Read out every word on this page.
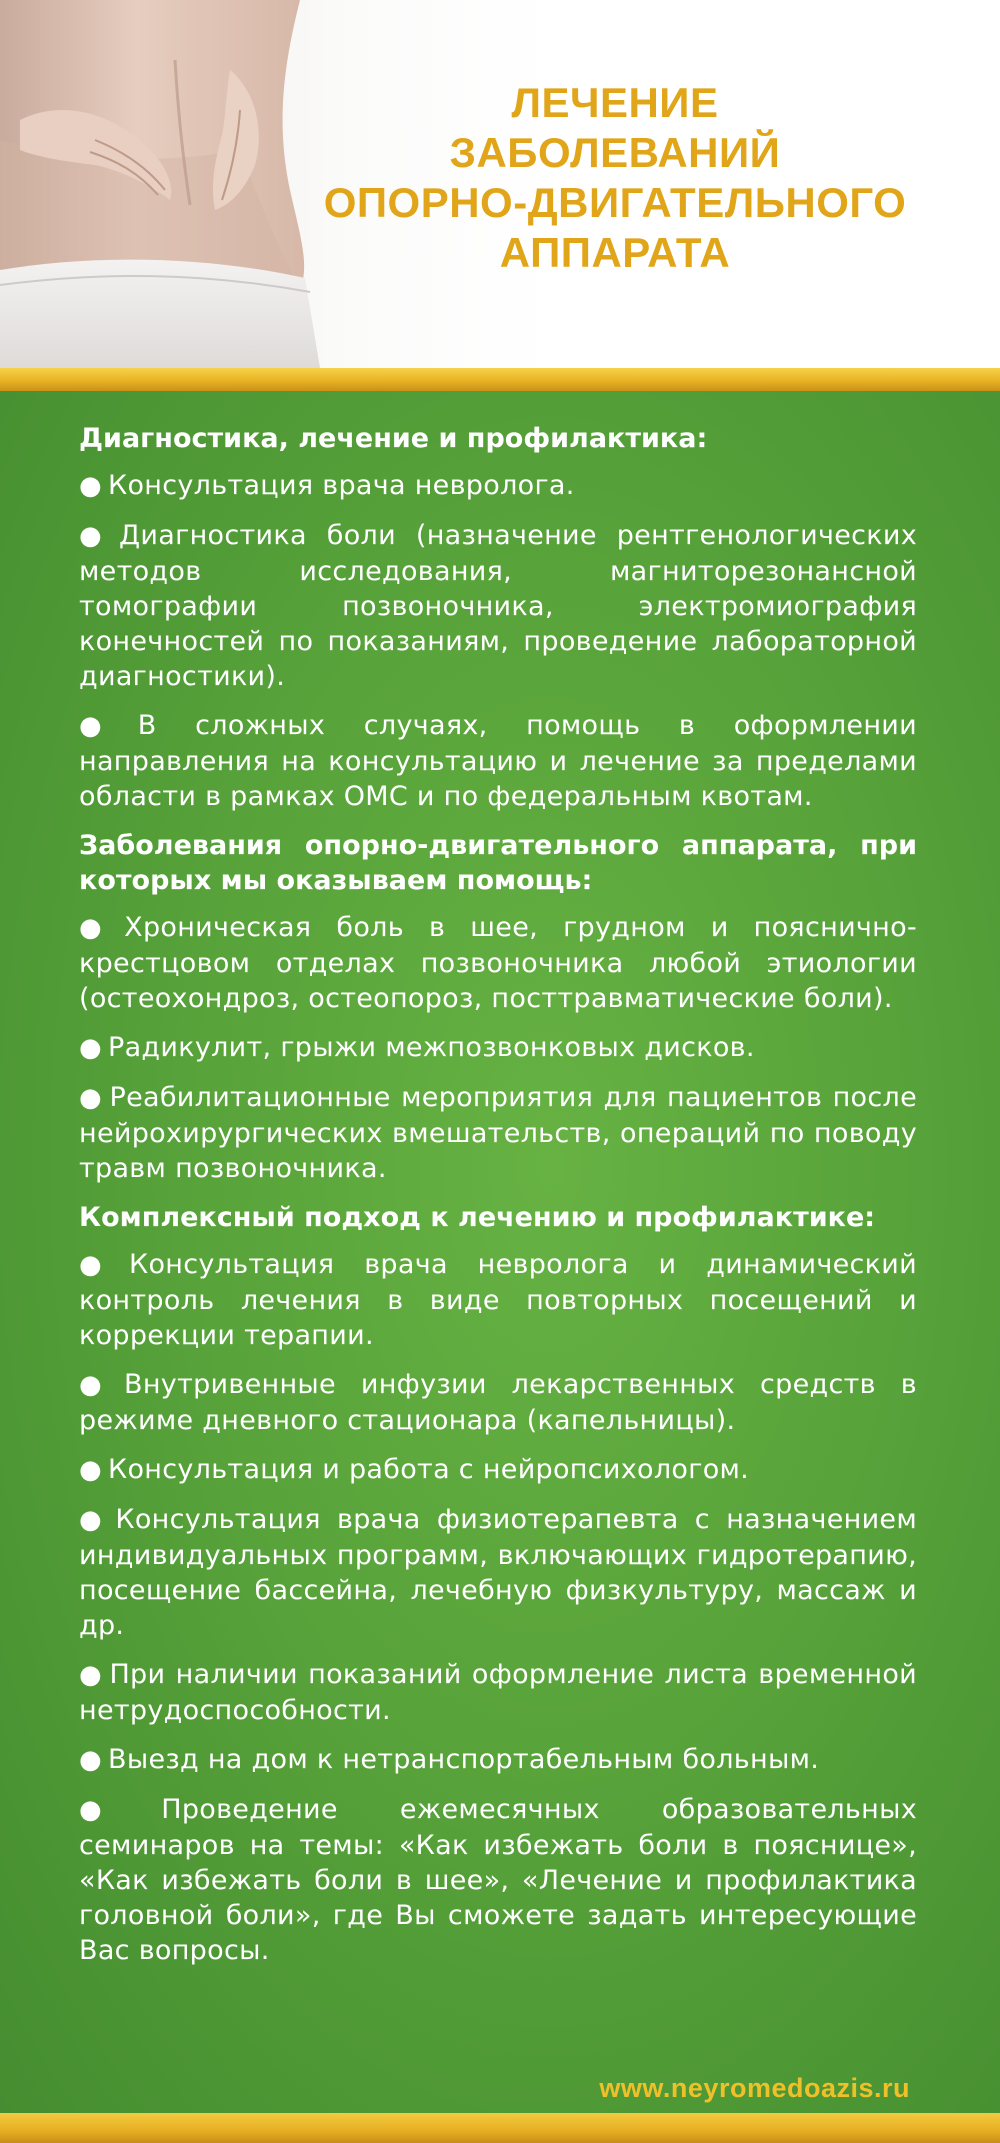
ЛЕЧЕНИЕ
ЗАБОЛЕВАНИЙ
ОПОРНО-ДВИГАТЕЛЬНОГО
АППАРАТА

Диагностика, лечение и профилактика:

● Консультация врача невролога.

● Диагностика боли (назначение рентгенологических методов исследования, магниторезонансной томографии позвоночника, электромиография конечностей по показаниям, проведение лабораторной диагностики).

● В сложных случаях, помощь в оформлении направления на консультацию и лечение за пределами области в рамках ОМС и по федеральным квотам.

Заболевания опорно-двигательного аппарата, при которых мы оказываем помощь:

● Хроническая боль в шее, грудном и пояснично-крестцовом отделах позвоночника любой этиологии (остеохондроз, остеопороз, посттравматические боли).

● Радикулит, грыжи межпозвонковых дисков.

● Реабилитационные мероприятия для пациентов после нейрохирургических вмешательств, операций по поводу травм позвоночника.

Комплексный подход к лечению и профилактике:

● Консультация врача невролога и динамический контроль лечения в виде повторных посещений и коррекции терапии.

● Внутривенные инфузии лекарственных средств в режиме дневного стационара (капельницы).

● Консультация и работа с нейропсихологом.

● Консультация врача физиотерапевта с назначением индивидуальных программ, включающих гидротерапию, посещение бассейна, лечебную физкультуру, массаж и др.

● При наличии показаний оформление листа временной нетрудоспособности.

● Выезд на дом к нетранспортабельным больным.

● Проведение ежемесячных образовательных семинаров на темы: «Как избежать боли в пояснице», «Как избежать боли в шее», «Лечение и профилактика головной боли», где Вы сможете задать интересующие Вас вопросы.

www.neyromedoazis.ru
